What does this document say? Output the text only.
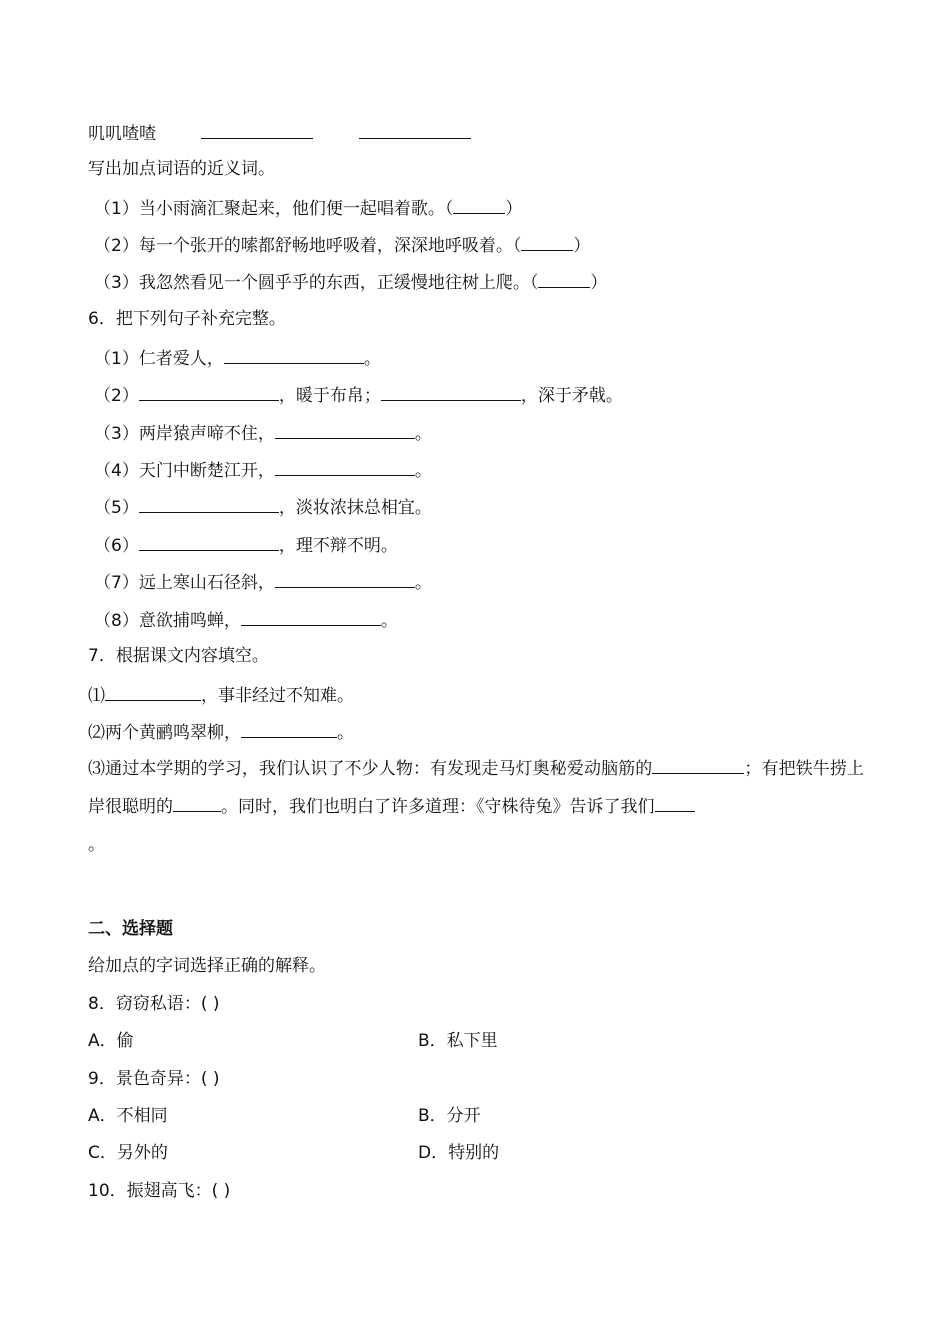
叽叽喳喳
写出加点词语的近义词。
（1）当小雨滴汇聚起来，他们便一起唱着歌。（	）
（2）每一个张开的嗦都舒畅地呼吸着，深深地呼吸着。（	）
（3）我忽然看见一个圆乎乎的东西，正缓慢地往树上爬。（	）
6．把下列句子补充完整。
（1）仁者爱人，	。
（2）	，暖于布帛；	，深于矛戟。
（3）两岸猿声啼不住，	。
（4）天门中断楚江开，	。
（5）	，淡妆浓抹总相宜。
（6）	，理不辩不明。
（7）远上寒山石径斜，	。
（8）意欲捕鸣蝉，	。
7．根据课文内容填空。
⑴	，事非经过不知难。
⑵两个黄鹂鸣翠柳，	。
⑶通过本学期的学习，我们认识了不少人物：有发现走马灯奥秘爱动脑筋的	；有把铁牛捞上岸很聪明的	。同时，我们也明白了许多道理：《守株待兔》告诉了我们
。
二、选择题
给加点的字词选择正确的解释。
8．窃窃私语：( )
A．偷	B．私下里
9．景色奇异：( )
A．不相同	B．分开
C．另外的	D．特别的
10．振翅高飞：( )
